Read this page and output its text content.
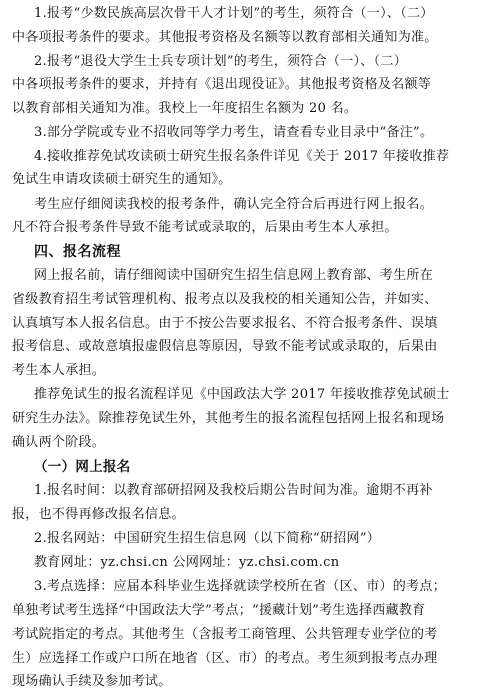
1.报考“少数民族高层次骨干人才计划”的考生，须符合（一）、（二）
中各项报考条件的要求。其他报考资格及名额等以教育部相关通知为准。
2.报考“退役大学生士兵专项计划”的考生，须符合（一）、（二）
中各项报考条件的要求，并持有《退出现役证》。其他报考资格及名额等
以教育部相关通知为准。我校上一年度招生名额为 20 名。
3.部分学院或专业不招收同等学力考生，请查看专业目录中“备注”。
4.接收推荐免试攻读硕士研究生报名条件详见《关于 2017 年接收推荐
免试生申请攻读硕士研究生的通知》。
考生应仔细阅读我校的报考条件，确认完全符合后再进行网上报名。
凡不符合报考条件导致不能考试或录取的，后果由考生本人承担。
四、报名流程
网上报名前，请仔细阅读中国研究生招生信息网上教育部、考生所在
省级教育招生考试管理机构、报考点以及我校的相关通知公告，并如实、
认真填写本人报名信息。由于不按公告要求报名、不符合报考条件、误填
报考信息、或故意填报虚假信息等原因，导致不能考试或录取的，后果由
考生本人承担。
推荐免试生的报名流程详见《中国政法大学 2017 年接收推荐免试硕士
研究生办法》。除推荐免试生外，其他考生的报名流程包括网上报名和现场
确认两个阶段。
（一）网上报名
1.报名时间：以教育部研招网及我校后期公告时间为准。逾期不再补
报，也不得再修改报名信息。
2.报名网站：中国研究生招生信息网（以下简称“研招网”）
教育网址：yz.chsi.cn 公网网址：yz.chsi.com.cn
3.考点选择：应届本科毕业生选择就读学校所在省（区、市）的考点；
单独考试考生选择“中国政法大学”考点；“援藏计划”考生选择西藏教育
考试院指定的考点。其他考生（含报考工商管理、公共管理专业学位的考
生）应选择工作或户口所在地省（区、市）的考点。考生须到报考点办理
现场确认手续及参加考试。
